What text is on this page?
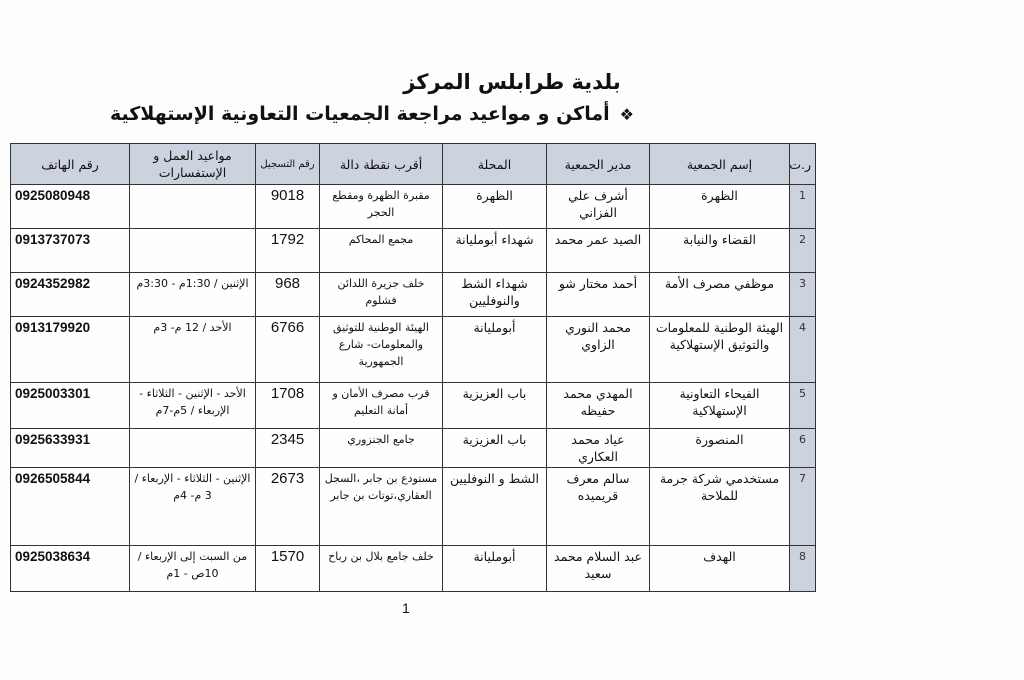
بلدية طرابلس المركز
❖
أماكن و مواعيد مراجعة الجمعيات التعاونية الإستهلاكية
ر.ت	إسم الجمعية	مدير الجمعية	المحلة	أقرب نقطة دالة	رقم التسجيل	مواعيد العمل و الإستفسارات	رقم الهاتف
1	الظهرة	أشرف علي الفزاني	الظهرة	مقبرة الظهرة ومقطع الحجر	9018		0925080948
2	القضاء والنيابة	الصيد عمر محمد	شهداء أبومليانة	مجمع المحاكم	1792		0913737073
3	موظفي مصرف الأمة	أحمد مختار شو	شهداء الشط والنوفليين	خلف جزيرة اللدائن فشلوم	968	الإثنين / 1:30م - 3:30م	0924352982
4	الهيئة الوطنية للمعلومات والتوثيق الإستهلاكية	محمد النوري الزاوي	أبومليانة	الهيئة الوطنية للتوثيق والمعلومات- شارع الجمهورية	6766	الأحد / 12 م- 3م	0913179920
5	الفيحاء التعاونية الإستهلاكية	المهدي محمد حفيظه	باب العزيزية	قرب مصرف الأمان و أمانة التعليم	1708	الأحد - الإثنين - الثلاثاء - الإربعاء / 5م-7م	0925003301
6	المنصورة	عياد محمد العكاري	باب العزيزية	جامع الجنزوري	2345		0925633931
7	مستخدمي شركة جرمة للملاحة	سالم معرف قريميده	الشط و النوفليين	مستودع بن جابر ،السجل العقاري،توتات بن جابر	2673	الإثنين - الثلاثاء - الإربعاء / 3 م- 4م	0926505844
8	الهدف	عبد السلام محمد سعيد	أبومليانة	خلف جامع بلال بن رباح	1570	من السبت إلى الإربعاء / 10ص - 1م	0925038634
1
